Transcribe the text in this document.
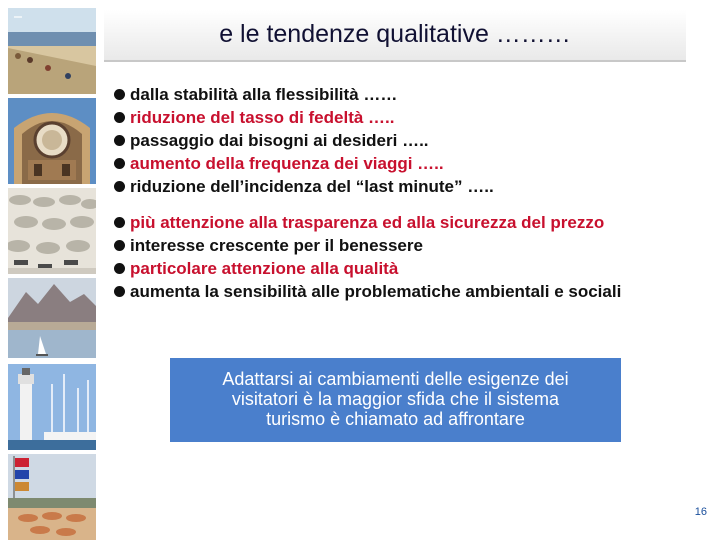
e le tendenze qualitative ………
dalla stabilità alla flessibilità ……
riduzione del tasso di fedeltà …..
passaggio dai bisogni ai desideri …..
aumento della frequenza dei viaggi …..
riduzione dell’incidenza del “last minute” …..
più attenzione alla trasparenza ed alla sicurezza del prezzo
interesse crescente per il benessere
particolare attenzione alla qualità
aumenta la sensibilità alle problematiche ambientali e sociali
Adattarsi ai cambiamenti delle esigenze dei
visitatori è la maggior sfida che il sistema
turismo è chiamato ad affrontare
16
